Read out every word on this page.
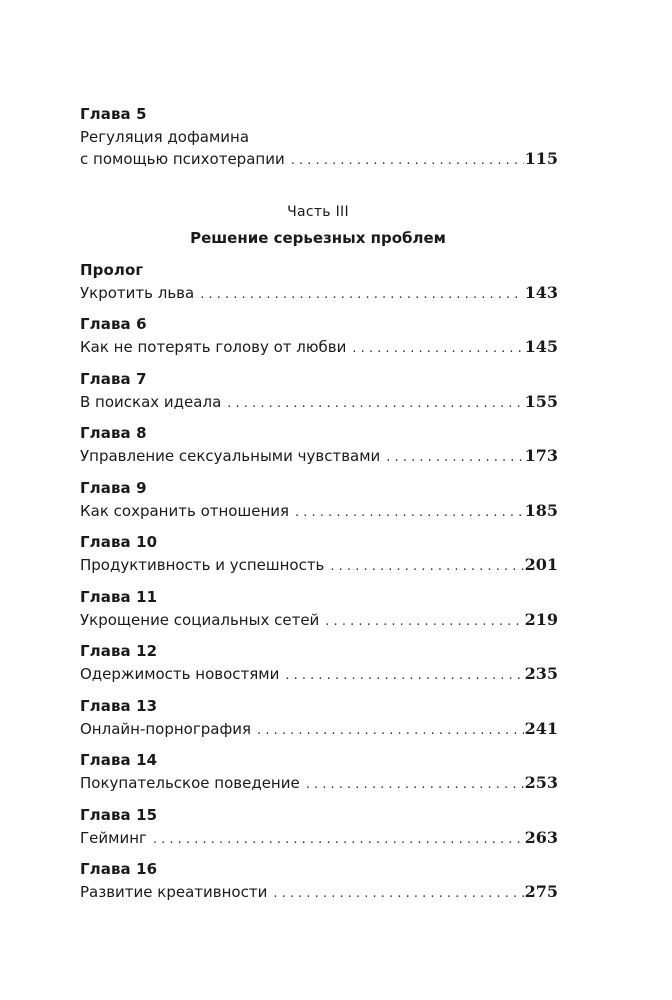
Глава 5
Регуляция дофамина
с помощью психотерапии . . .	115
Часть III
Решение серьезных проблем
Пролог
Укротить льва . . .	143
Глава 6
Как не потерять голову от любви . . .	145
Глава 7
В поисках идеала . . .	155
Глава 8
Управление сексуальными чувствами . . .	173
Глава 9
Как сохранить отношения . . .	185
Глава 10
Продуктивность и успешность . . .	201
Глава 11
Укрощение социальных сетей . . .	219
Глава 12
Одержимость новостями . . .	235
Глава 13
Онлайн-порнография . . .	241
Глава 14
Покупательское поведение . . .	253
Глава 15
Гейминг . . .	263
Глава 16
Развитие креативности . . .	275
